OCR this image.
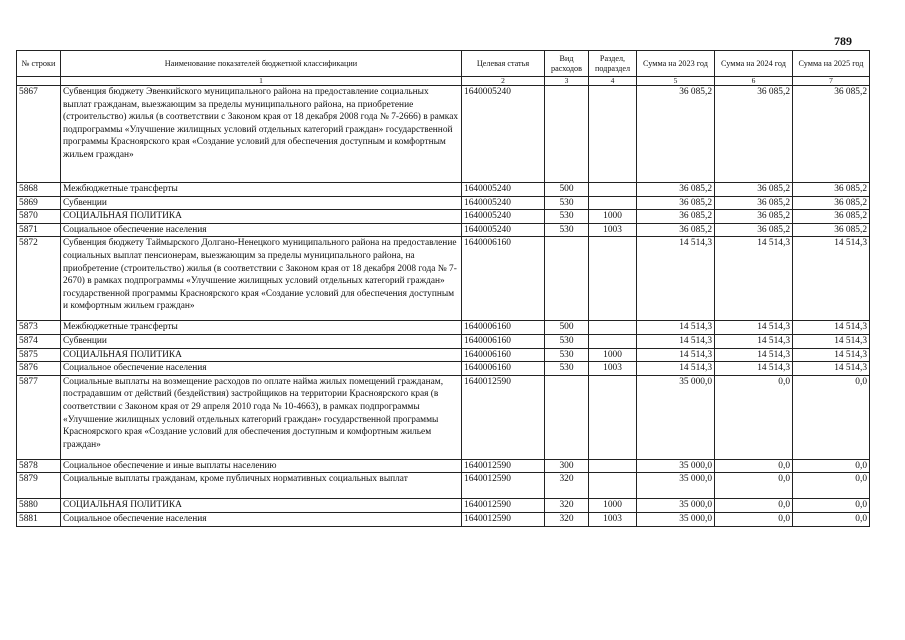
789
№ строки	Наименование показателей бюджетной классификации	Целевая статья	Вид расходов	Раздел, подраздел	Сумма на 2023 год	Сумма на 2024 год	Сумма на 2025 год
	1	2	3	4	5	6	7
5867	Субвенция бюджету Эвенкийского муниципального района на предоставление социальных выплат гражданам, выезжающим за пределы муниципального района, на приобретение (строительство) жилья (в соответствии с Законом края от 18 декабря 2008 года № 7-2666) в рамках подпрограммы «Улучшение жилищных условий отдельных категорий граждан» государственной программы Красноярского края «Создание условий для обеспечения доступным и комфортным жильем граждан»	1640005240			36 085,2	36 085,2	36 085,2
5868	Межбюджетные трансферты	1640005240	500		36 085,2	36 085,2	36 085,2
5869	Субвенции	1640005240	530		36 085,2	36 085,2	36 085,2
5870	СОЦИАЛЬНАЯ ПОЛИТИКА	1640005240	530	1000	36 085,2	36 085,2	36 085,2
5871	Социальное обеспечение населения	1640005240	530	1003	36 085,2	36 085,2	36 085,2
5872	Субвенция бюджету Таймырского Долгано-Ненецкого муниципального района на предоставление социальных выплат пенсионерам, выезжающим за пределы муниципального района, на приобретение (строительство) жилья (в соответствии с Законом края от 18 декабря 2008 года № 7-2670) в рамках подпрограммы «Улучшение жилищных условий отдельных категорий граждан» государственной программы Красноярского края «Создание условий для обеспечения доступным и комфортным жильем граждан»	1640006160			14 514,3	14 514,3	14 514,3
5873	Межбюджетные трансферты	1640006160	500		14 514,3	14 514,3	14 514,3
5874	Субвенции	1640006160	530		14 514,3	14 514,3	14 514,3
5875	СОЦИАЛЬНАЯ ПОЛИТИКА	1640006160	530	1000	14 514,3	14 514,3	14 514,3
5876	Социальное обеспечение населения	1640006160	530	1003	14 514,3	14 514,3	14 514,3
5877	Социальные выплаты на возмещение расходов по оплате найма жилых помещений гражданам, пострадавшим от действий (бездействия) застройщиков на территории Красноярского края (в соответствии с Законом края от 29 апреля 2010 года № 10-4663), в рамках подпрограммы «Улучшение жилищных условий отдельных категорий граждан» государственной программы Красноярского края «Создание условий для обеспечения доступным и комфортным жильем граждан»	1640012590			35 000,0	0,0	0,0
5878	Социальное обеспечение и иные выплаты населению	1640012590	300		35 000,0	0,0	0,0
5879	Социальные выплаты гражданам, кроме публичных нормативных социальных выплат	1640012590	320		35 000,0	0,0	0,0
5880	СОЦИАЛЬНАЯ ПОЛИТИКА	1640012590	320	1000	35 000,0	0,0	0,0
5881	Социальное обеспечение населения	1640012590	320	1003	35 000,0	0,0	0,0
